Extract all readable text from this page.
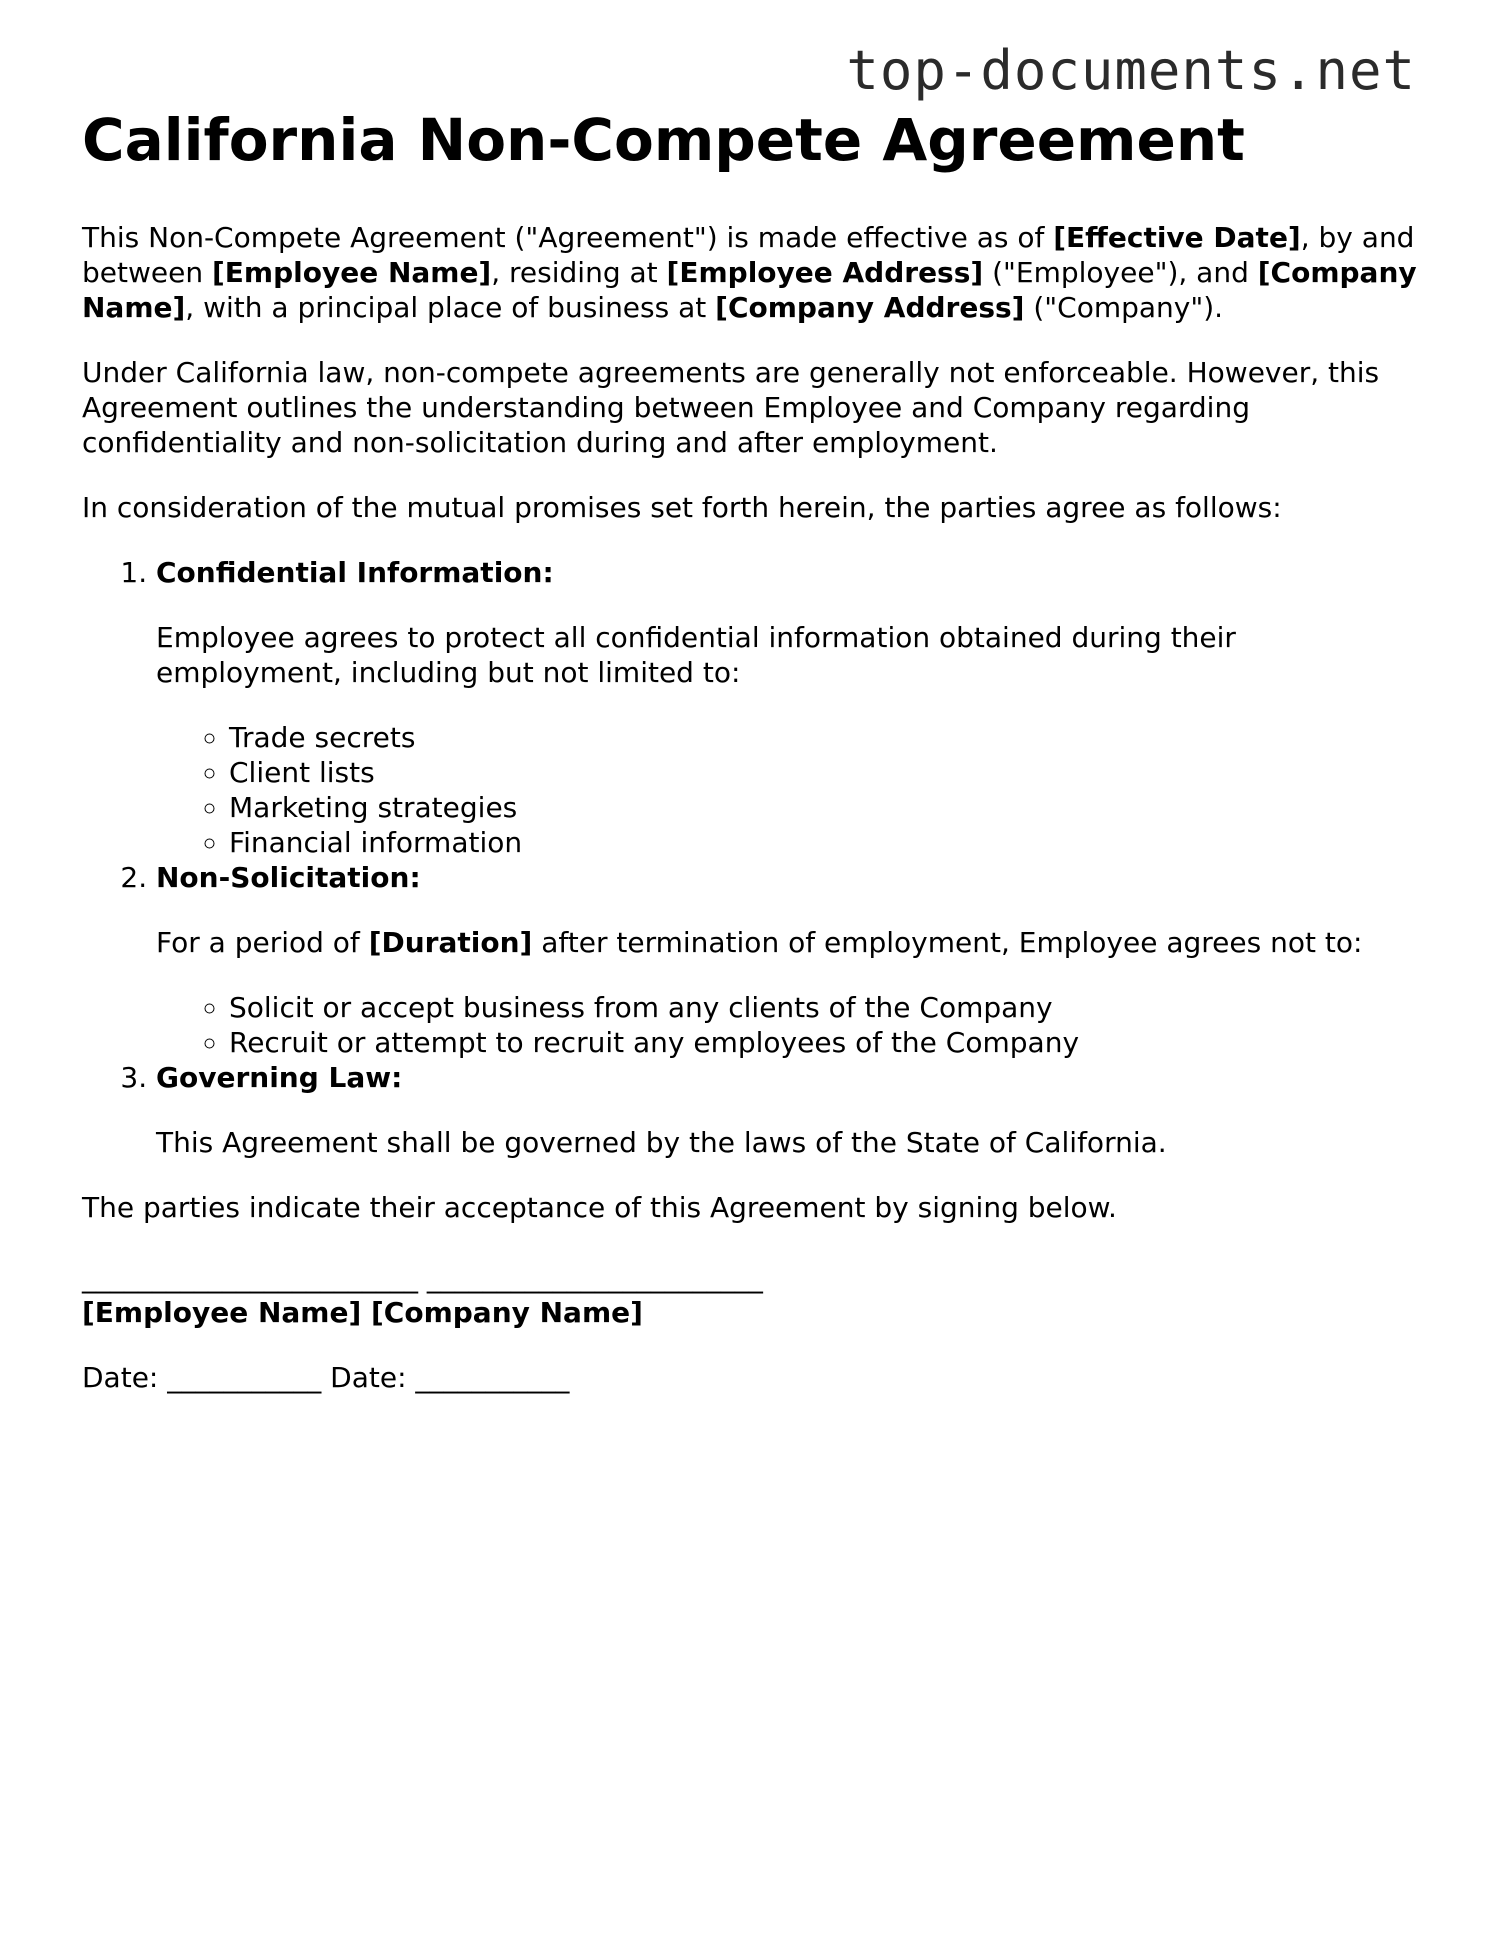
top-documents.net
California Non-Compete Agreement

This Non-Compete Agreement ("Agreement") is made effective as of [Effective Date], by and between [Employee Name], residing at [Employee Address] ("Employee"), and [Company Name], with a principal place of business at [Company Address] ("Company").

Under California law, non-compete agreements are generally not enforceable. However, this Agreement outlines the understanding between Employee and Company regarding confidentiality and non-solicitation during and after employment.

In consideration of the mutual promises set forth herein, the parties agree as follows:

1. Confidential Information:
Employee agrees to protect all confidential information obtained during their employment, including but not limited to:
◦ Trade secrets
◦ Client lists
◦ Marketing strategies
◦ Financial information
2. Non-Solicitation:
For a period of [Duration] after termination of employment, Employee agrees not to:
◦ Solicit or accept business from any clients of the Company
◦ Recruit or attempt to recruit any employees of the Company
3. Governing Law:
This Agreement shall be governed by the laws of the State of California.

The parties indicate their acceptance of this Agreement by signing below.

________________________ ________________________
[Employee Name] [Company Name]
Date: ___________ Date: ___________
